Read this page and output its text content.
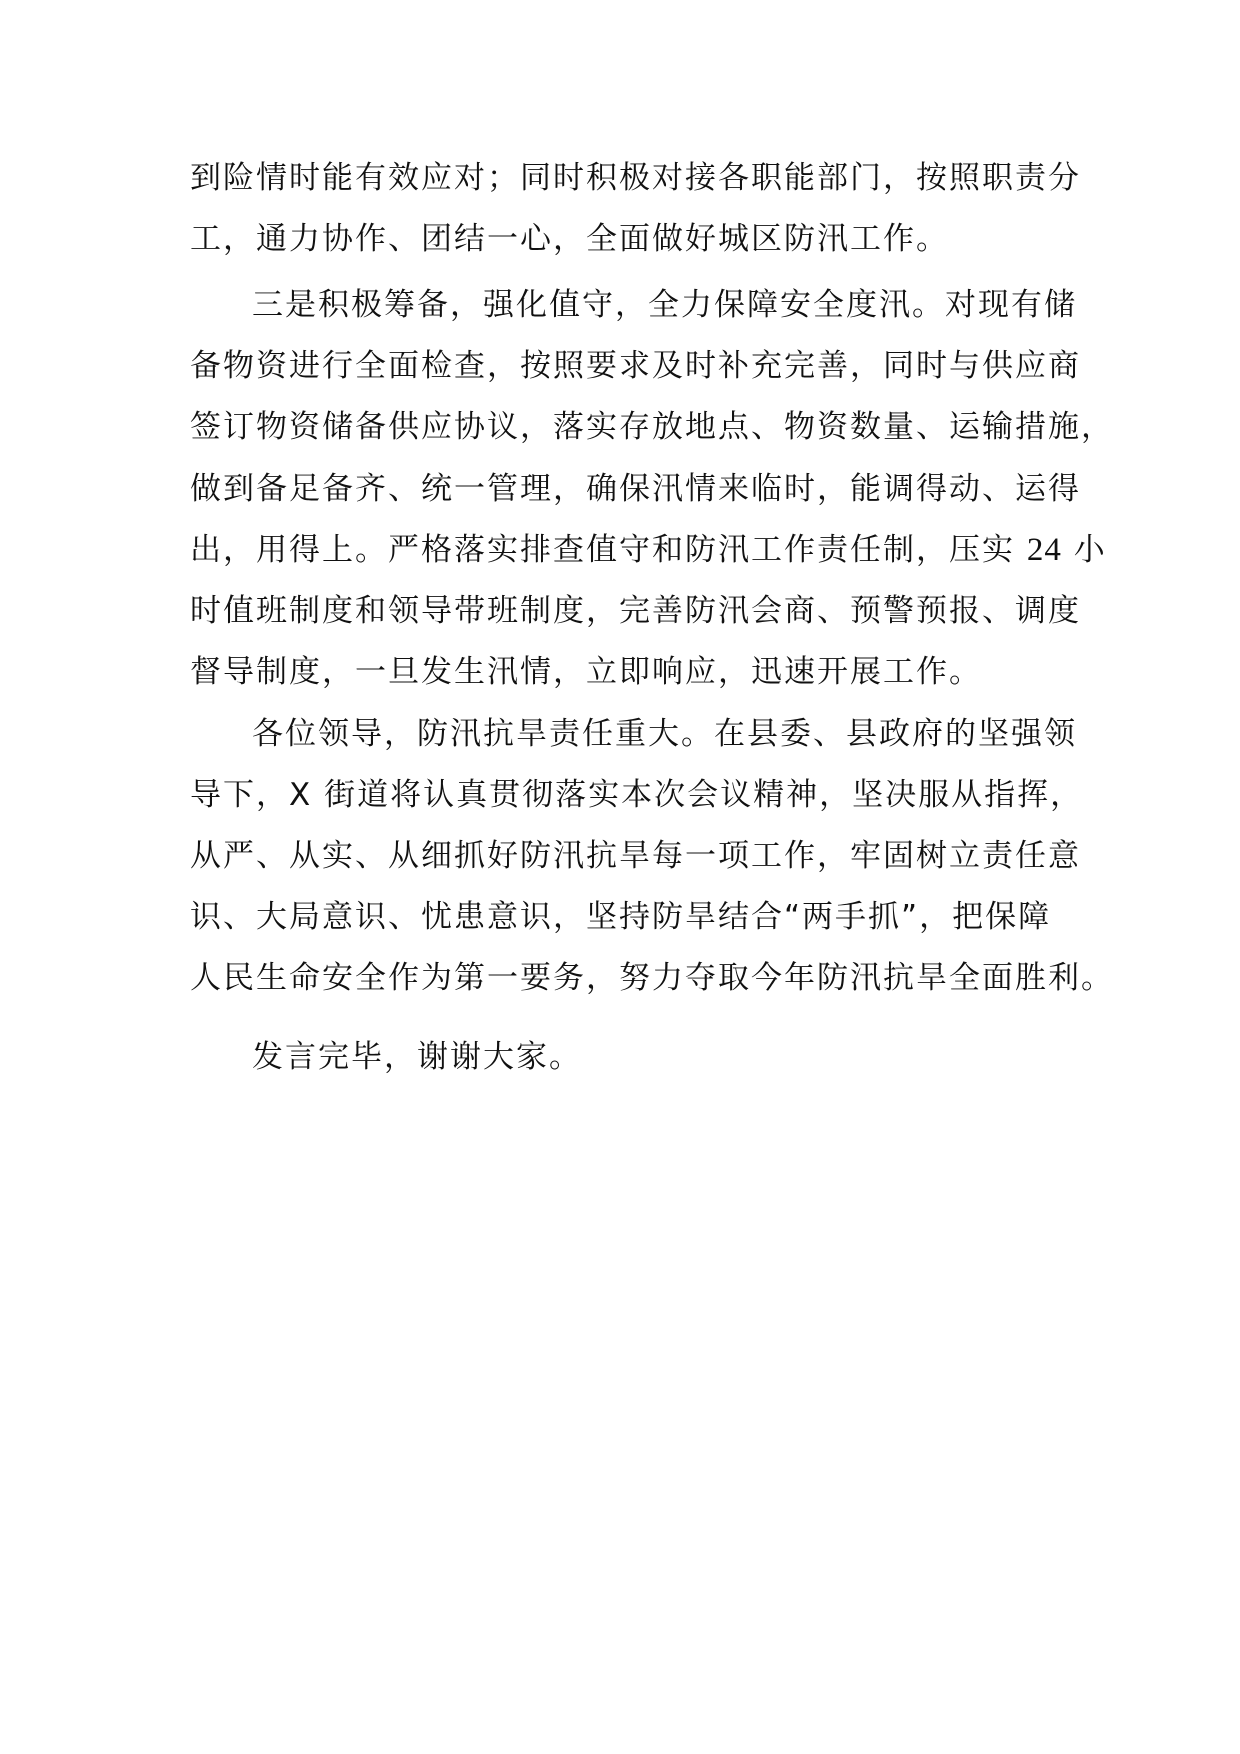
到险情时能有效应对；同时积极对接各职能部门，按照职责分
工，通力协作、团结一心，全面做好城区防汛工作。
三是积极筹备，强化值守，全力保障安全度汛。对现有储
备物资进行全面检查，按照要求及时补充完善，同时与供应商
签订物资储备供应协议，落实存放地点、物资数量、运输措施，
做到备足备齐、统一管理，确保汛情来临时，能调得动、运得
出，用得上。严格落实排查值守和防汛工作责任制，压实 24 小
时值班制度和领导带班制度，完善防汛会商、预警预报、调度
督导制度，一旦发生汛情，立即响应，迅速开展工作。
各位领导，防汛抗旱责任重大。在县委、县政府的坚强领
导下，X 街道将认真贯彻落实本次会议精神，坚决服从指挥，
从严、从实、从细抓好防汛抗旱每一项工作，牢固树立责任意
识、大局意识、忧患意识，坚持防旱结合“两手抓”，把保障
人民生命安全作为第一要务，努力夺取今年防汛抗旱全面胜利。
发言完毕，谢谢大家。
